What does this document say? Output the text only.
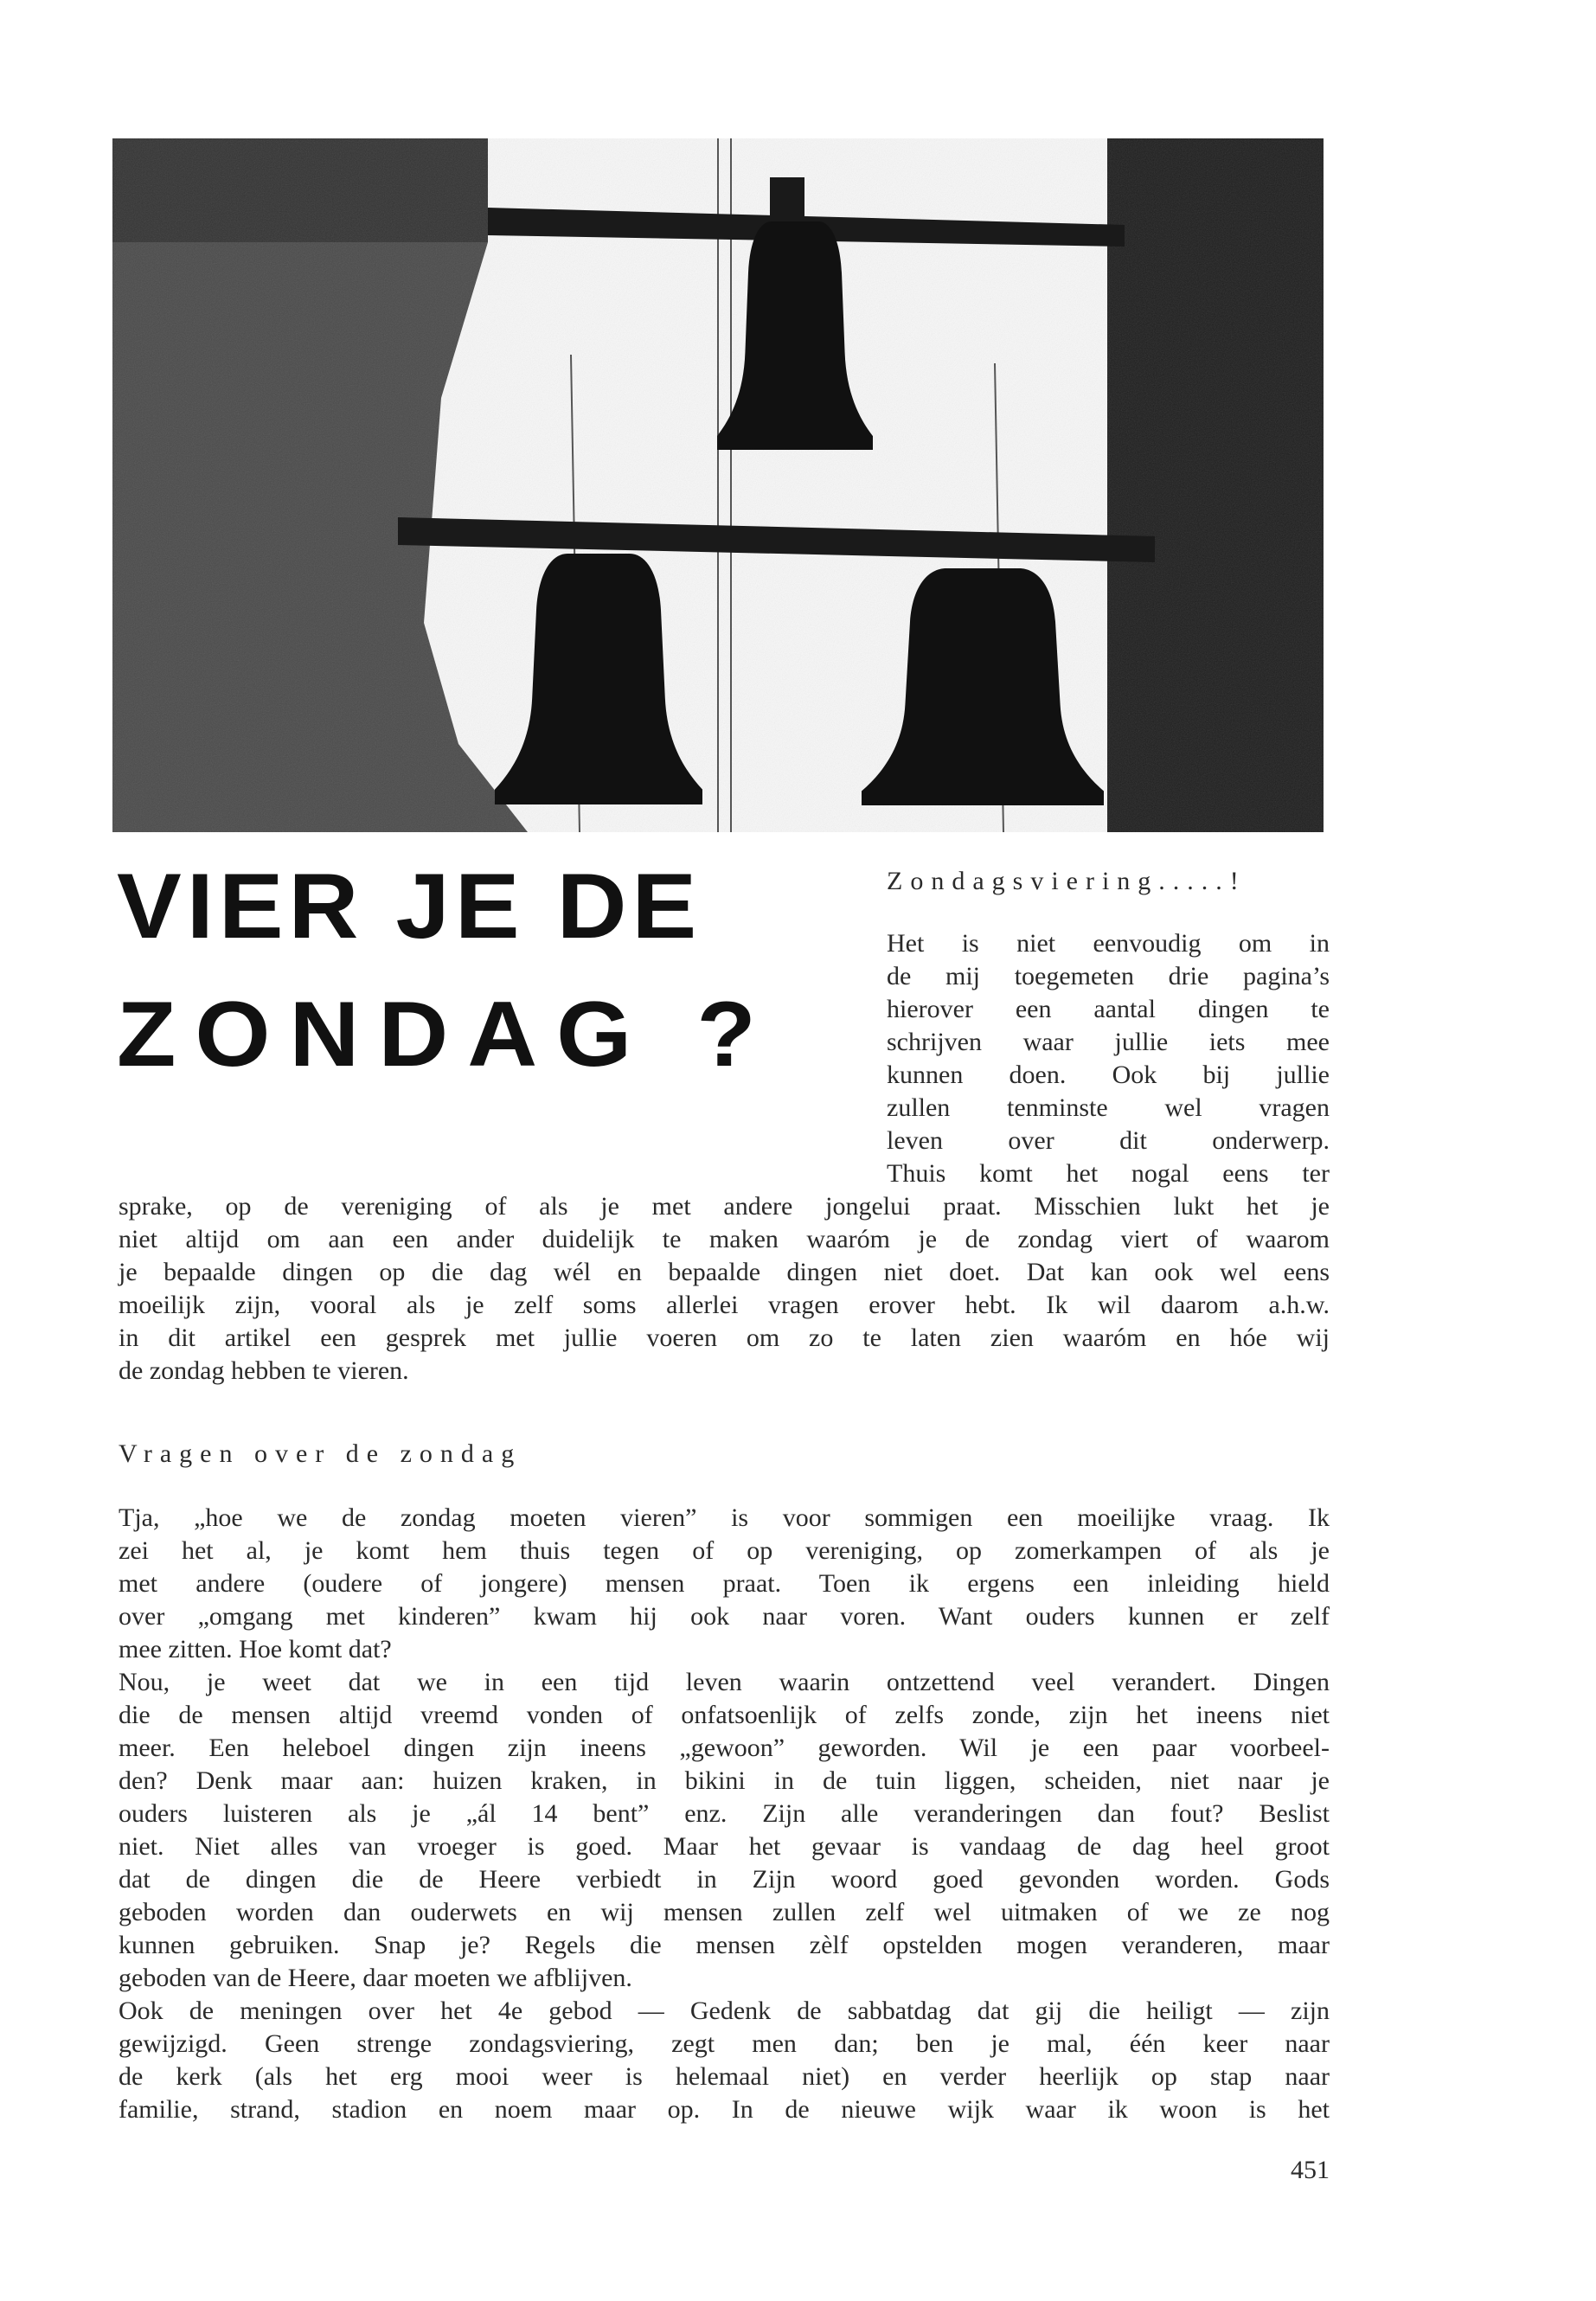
VIER JE DE
ZONDAG ?
Zondagsviering.....!
Het is niet eenvoudig om in
de mij toegemeten drie pagina’s
hierover een aantal dingen te
schrijven waar jullie iets mee
kunnen doen. Ook bij jullie
zullen tenminste wel vragen
leven over dit onderwerp.
Thuis komt het nogal eens ter
sprake, op de vereniging of als je met andere jongelui praat. Misschien lukt het je
niet altijd om aan een ander duidelijk te maken waaróm je de zondag viert of waarom
je bepaalde dingen op die dag wél en bepaalde dingen niet doet. Dat kan ook wel eens
moeilijk zijn, vooral als je zelf soms allerlei vragen erover hebt. Ik wil daarom a.h.w.
in dit artikel een gesprek met jullie voeren om zo te laten zien waaróm en hóe wij
de zondag hebben te vieren.
Vragen over de zondag
Tja, „hoe we de zondag moeten vieren” is voor sommigen een moeilijke vraag. Ik
zei het al, je komt hem thuis tegen of op vereniging, op zomerkampen of als je
met andere (oudere of jongere) mensen praat. Toen ik ergens een inleiding hield
over „omgang met kinderen” kwam hij ook naar voren. Want ouders kunnen er zelf
mee zitten. Hoe komt dat?
Nou, je weet dat we in een tijd leven waarin ontzettend veel verandert. Dingen
die de mensen altijd vreemd vonden of onfatsoenlijk of zelfs zonde, zijn het ineens niet
meer. Een heleboel dingen zijn ineens „gewoon” geworden. Wil je een paar voorbeel-
den? Denk maar aan: huizen kraken, in bikini in de tuin liggen, scheiden, niet naar je
ouders luisteren als je „ál 14 bent” enz. Zijn alle veranderingen dan fout? Beslist
niet. Niet alles van vroeger is goed. Maar het gevaar is vandaag de dag heel groot
dat de dingen die de Heere verbiedt in Zijn woord goed gevonden worden. Gods
geboden worden dan ouderwets en wij mensen zullen zelf wel uitmaken of we ze nog
kunnen gebruiken. Snap je? Regels die mensen zèlf opstelden mogen veranderen, maar
geboden van de Heere, daar moeten we afblijven.
Ook de meningen over het 4e gebod — Gedenk de sabbatdag dat gij die heiligt — zijn
gewijzigd. Geen strenge zondagsviering, zegt men dan; ben je mal, één keer naar
de kerk (als het erg mooi weer is helemaal niet) en verder heerlijk op stap naar
familie, strand, stadion en noem maar op. In de nieuwe wijk waar ik woon is het
451
